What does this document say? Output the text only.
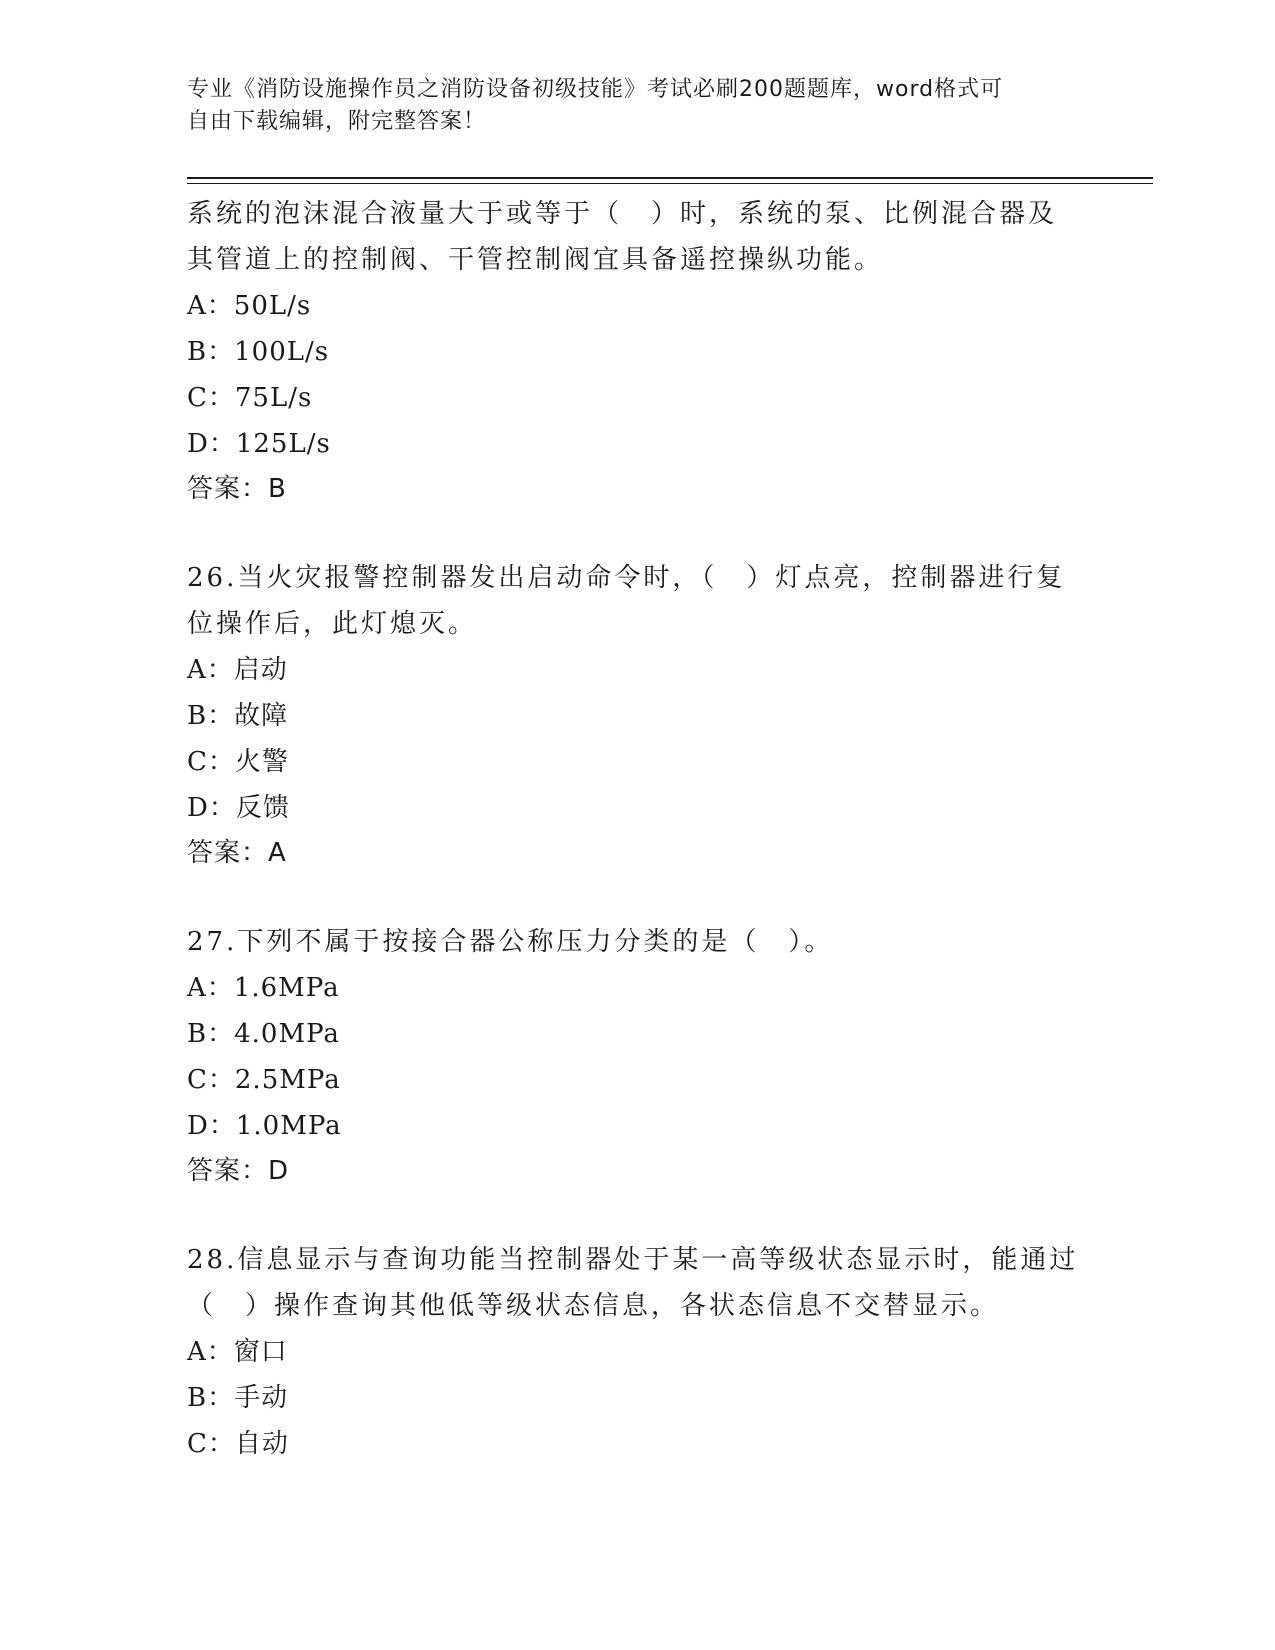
专业《消防设施操作员之消防设备初级技能》考试必刷200题题库，word格式可

自由下载编辑，附完整答案！

系统的泡沫混合液量大于或等于（　）时，系统的泵、比例混合器及

其管道上的控制阀、干管控制阀宜具备遥控操纵功能。

A：50L/s

B：100L/s

C：75L/s

D：125L/s

答案：B

26.当火灾报警控制器发出启动命令时，（　）灯点亮，控制器进行复

位操作后，此灯熄灭。

A：启动

B：故障

C：火警

D：反馈

答案：A

27.下列不属于按接合器公称压力分类的是（　）。

A：1.6MPa

B：4.0MPa

C：2.5MPa

D：1.0MPa

答案：D

28.信息显示与查询功能当控制器处于某一高等级状态显示时，能通过

（　）操作查询其他低等级状态信息，各状态信息不交替显示。

A：窗口

B：手动

C：自动
